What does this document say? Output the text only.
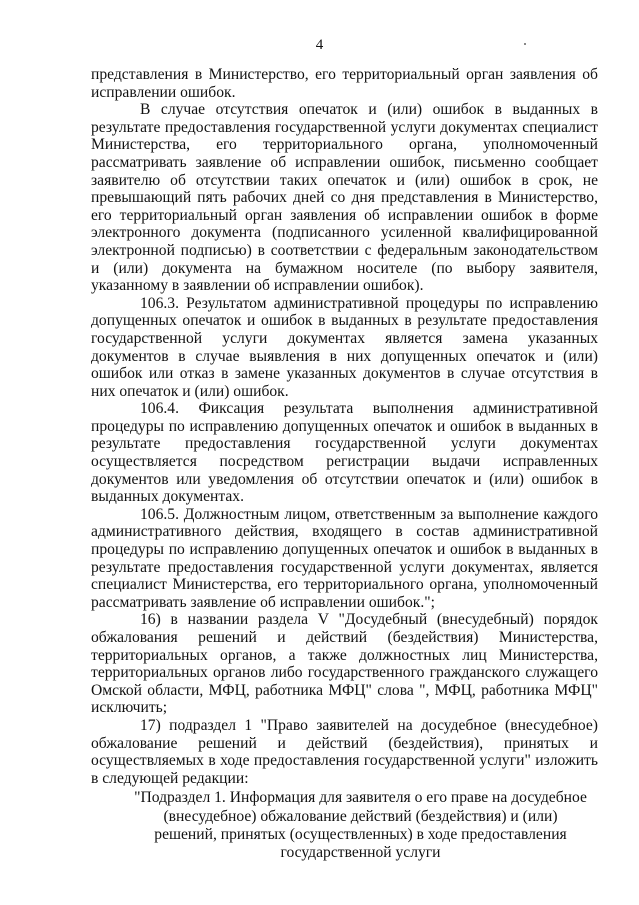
4

представления в Министерство, его территориальный орган заявления об исправлении ошибок.

В случае отсутствия опечаток и (или) ошибок в выданных в результате предоставления государственной услуги документах специалист Министерства, его территориального органа, уполномоченный рассматривать заявление об исправлении ошибок, письменно сообщает заявителю об отсутствии таких опечаток и (или) ошибок в срок, не превышающий пять рабочих дней со дня представления в Министерство, его территориальный орган заявления об исправлении ошибок в форме электронного документа (подписанного усиленной квалифицированной электронной подписью) в соответствии с федеральным законодательством и (или) документа на бумажном носителе (по выбору заявителя, указанному в заявлении об исправлении ошибок).

106.3. Результатом административной процедуры по исправлению допущенных опечаток и ошибок в выданных в результате предоставления государственной услуги документах является замена указанных документов в случае выявления в них допущенных опечаток и (или) ошибок или отказ в замене указанных документов в случае отсутствия в них опечаток и (или) ошибок.

106.4. Фиксация результата выполнения административной процедуры по исправлению допущенных опечаток и ошибок в выданных в результате предоставления государственной услуги документах осуществляется посредством регистрации выдачи исправленных документов или уведомления об отсутствии опечаток и (или) ошибок в выданных документах.

106.5. Должностным лицом, ответственным за выполнение каждого административного действия, входящего в состав административной процедуры по исправлению допущенных опечаток и ошибок в выданных в результате предоставления государственной услуги документах, является специалист Министерства, его территориального органа, уполномоченный рассматривать заявление об исправлении ошибок.";

16) в названии раздела V "Досудебный (внесудебный) порядок обжалования решений и действий (бездействия) Министерства, территориальных органов, а также должностных лиц Министерства, территориальных органов либо государственного гражданского служащего Омской области, МФЦ, работника МФЦ" слова ", МФЦ, работника МФЦ" исключить;

17) подраздел 1 "Право заявителей на досудебное (внесудебное) обжалование решений и действий (бездействия), принятых и осуществляемых в ходе предоставления государственной услуги" изложить в следующей редакции:

"Подраздел 1. Информация для заявителя о его праве на досудебное (внесудебное) обжалование действий (бездействия) и (или) решений, принятых (осуществленных) в ходе предоставления государственной услуги
